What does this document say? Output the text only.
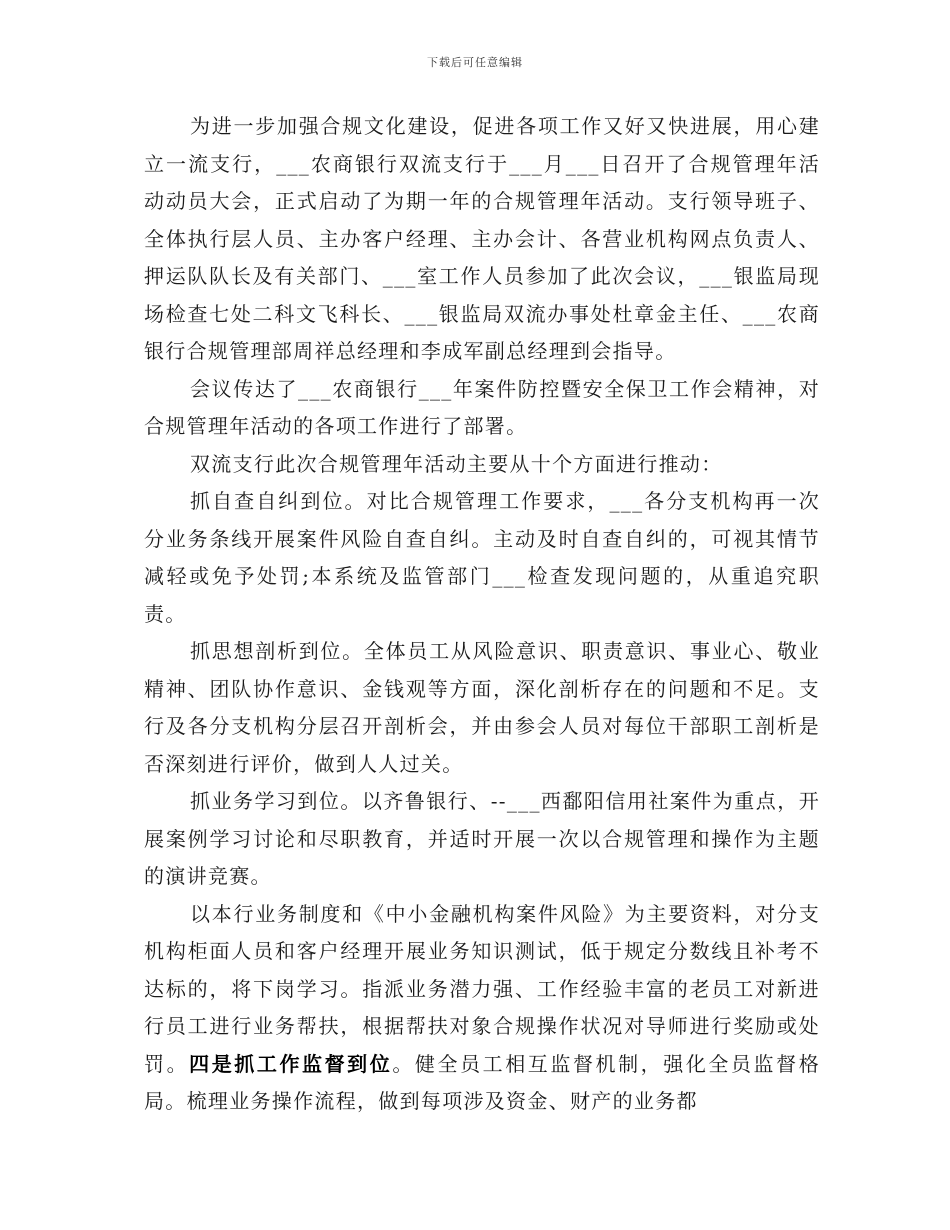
下载后可任意编辑

为进一步加强合规文化建设，促进各项工作又好又快进展，用心建立一流支行，___农商银行双流支行于___月___日召开了合规管理年活动动员大会，正式启动了为期一年的合规管理年活动。支行领导班子、全体执行层人员、主办客户经理、主办会计、各营业机构网点负责人、押运队队长及有关部门、___室工作人员参加了此次会议，___银监局现场检查七处二科文飞科长、___银监局双流办事处杜章金主任、___农商银行合规管理部周祥总经理和李成军副总经理到会指导。

会议传达了___农商银行___年案件防控暨安全保卫工作会精神，对合规管理年活动的各项工作进行了部署。

双流支行此次合规管理年活动主要从十个方面进行推动：

抓自查自纠到位。对比合规管理工作要求，___各分支机构再一次分业务条线开展案件风险自查自纠。主动及时自查自纠的，可视其情节减轻或免予处罚;本系统及监管部门___检查发现问题的，从重追究职责。

抓思想剖析到位。全体员工从风险意识、职责意识、事业心、敬业精神、团队协作意识、金钱观等方面，深化剖析存在的问题和不足。支行及各分支机构分层召开剖析会，并由参会人员对每位干部职工剖析是否深刻进行评价，做到人人过关。

抓业务学习到位。以齐鲁银行、--___西鄱阳信用社案件为重点，开展案例学习讨论和尽职教育，并适时开展一次以合规管理和操作为主题的演讲竞赛。

以本行业务制度和《中小金融机构案件风险》为主要资料，对分支机构柜面人员和客户经理开展业务知识测试，低于规定分数线且补考不达标的，将下岗学习。指派业务潜力强、工作经验丰富的老员工对新进行员工进行业务帮扶，根据帮扶对象合规操作状况对导师进行奖励或处罚。四是抓工作监督到位。健全员工相互监督机制，强化全员监督格局。梳理业务操作流程，做到每项涉及资金、财产的业务都
